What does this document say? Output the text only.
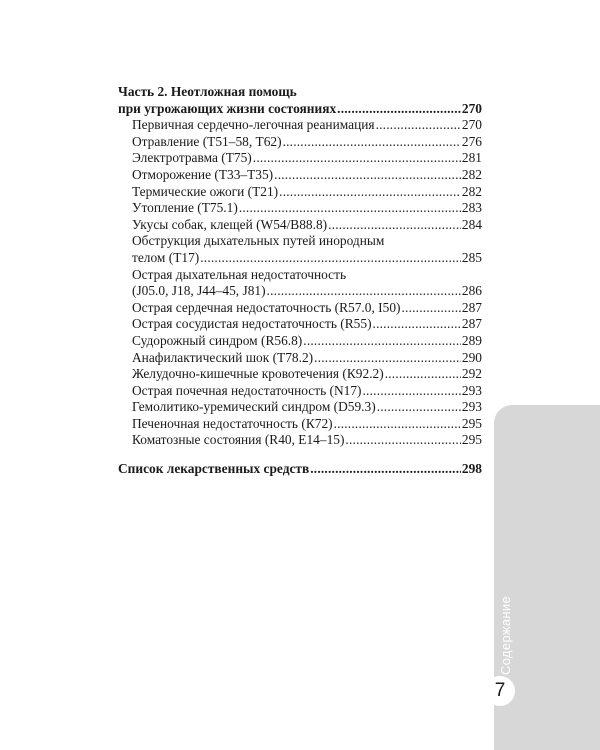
Часть 2. Неотложная помощь
при угрожающих жизни состояниях .....	270
Первичная сердечно-легочная реанимация .....	270
Отравление (Т51–58, Т62) .....	276
Электротравма (Т75) .....	281
Отморожение (Т33–Т35) .....	282
Термические ожоги (Т21) .....	282
Утопление (Т75.1) .....	283
Укусы собак, клещей (W54/В88.8) .....	284
Обструкция дыхательных путей инородным
телом (Т17) .....	285
Острая дыхательная недостаточность
(J05.0, J18, J44–45, J81) .....	286
Острая сердечная недостаточность (R57.0, I50) .....	287
Острая сосудистая недостаточность (R55) .....	287
Судорожный синдром (R56.8) .....	289
Анафилактический шок (Т78.2) .....	290
Желудочно-кишечные кровотечения (К92.2) .....	292
Острая почечная недостаточность (N17) .....	293
Гемолитико-уремический синдром (D59.3) .....	293
Печеночная недостаточность (К72) .....	295
Коматозные состояния (R40, Е14–15) .....	295
Список лекарственных средств .....	298
Содержание
7
